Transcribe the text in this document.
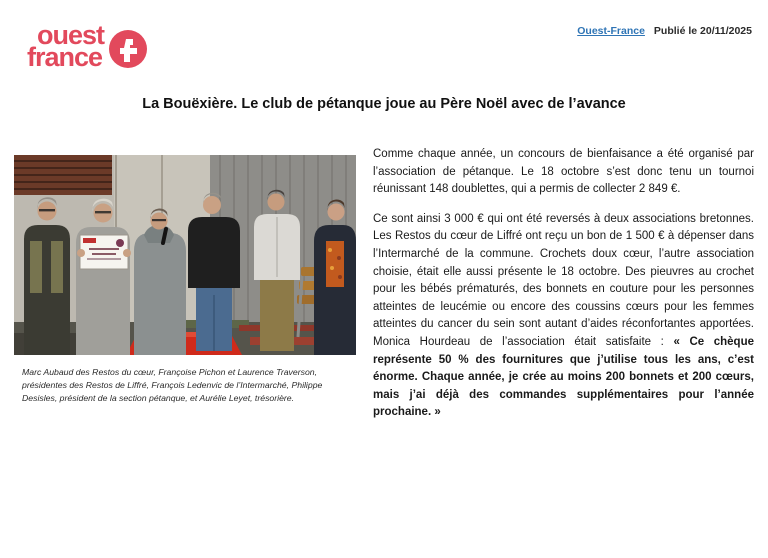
ouest
france
Ouest-France Publié le 20/11/2025
La Bouëxière. Le club de pétanque joue au Père Noël avec de l’avance
Marc Aubaud des Restos du cœur, Françoise Pichon et Laurence Traverson, présidentes des Restos de Liffré, François Ledenvic de l’Intermarché, Philippe Desisles, président de la section pétanque, et Aurélie Leyet, trésorière.

Comme chaque année, un concours de bienfaisance a été organisé par l’association de pétanque. Le 18 octobre s’est donc tenu un tournoi réunissant 148 doublettes, qui a permis de collecter 2 849 €.

Ce sont ainsi 3 000 € qui ont été reversés à deux associations bretonnes. Les Restos du cœur de Liffré ont reçu un bon de 1 500 € à dépenser dans l’Intermarché de la commune. Crochets doux cœur, l’autre association choisie, était elle aussi présente le 18 octobre. Des pieuvres au crochet pour les bébés prématurés, des bonnets en couture pour les personnes atteintes de leucémie ou encore des coussins cœurs pour les femmes atteintes du cancer du sein sont autant d’aides réconfortantes apportées. Monica Hourdeau de l’association était satisfaite : « Ce chèque représente 50 % des fournitures que j’utilise tous les ans, c’est énorme. Chaque année, je crée au moins 200 bonnets et 200 cœurs, mais j’ai déjà des commandes supplémentaires pour l’année prochaine. »
